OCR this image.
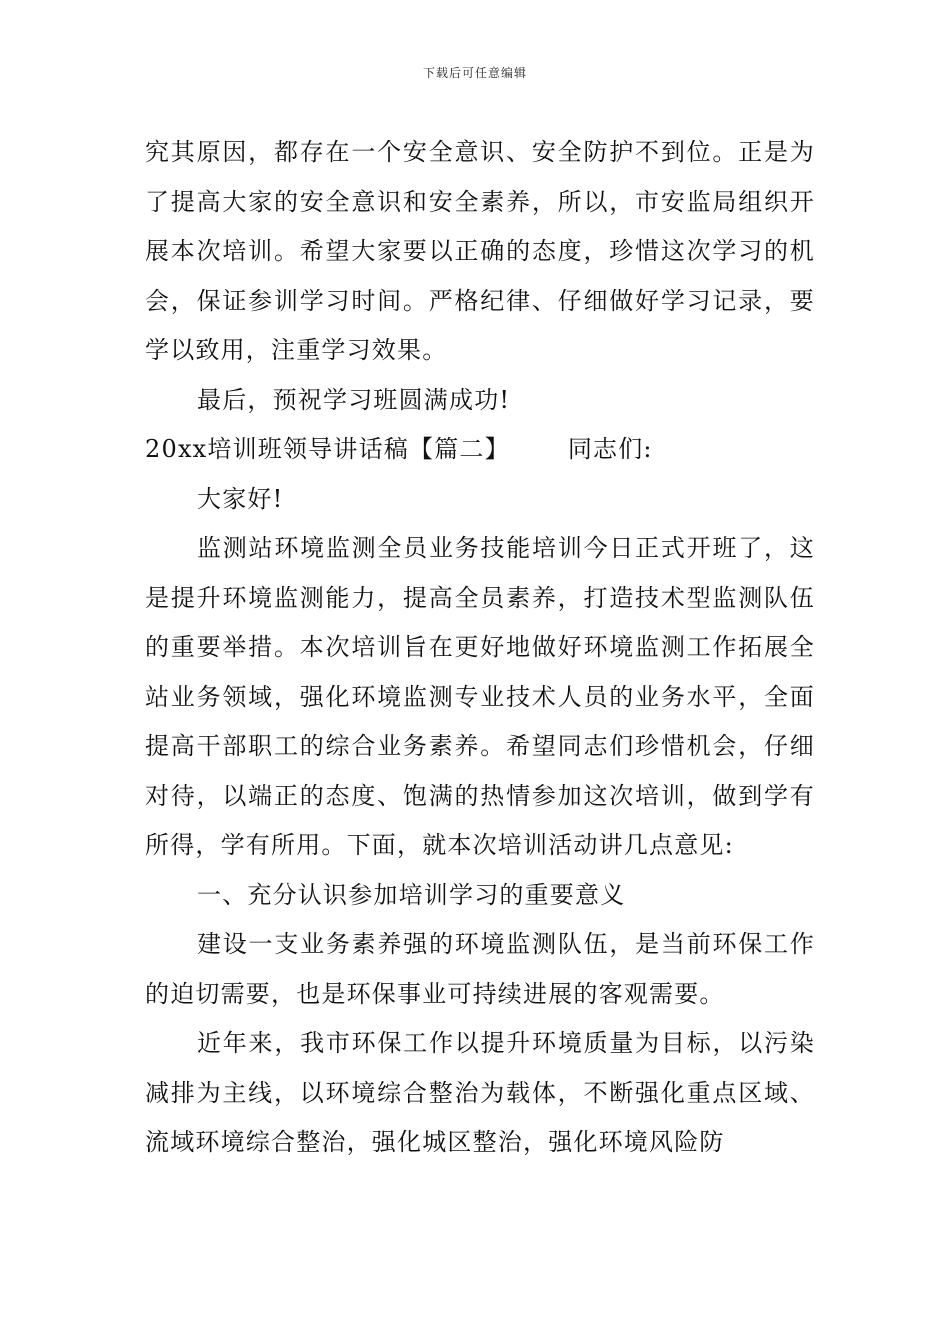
下载后可任意编辑

究其原因，都存在一个安全意识、安全防护不到位。正是为了提高大家的安全意识和安全素养，所以，市安监局组织开展本次培训。希望大家要以正确的态度，珍惜这次学习的机会，保证参训学习时间。严格纪律、仔细做好学习记录，要学以致用，注重学习效果。

最后，预祝学习班圆满成功!

20xx培训班领导讲话稿【篇二】 同志们:

大家好!

监测站环境监测全员业务技能培训今日正式开班了，这是提升环境监测能力，提高全员素养，打造技术型监测队伍的重要举措。本次培训旨在更好地做好环境监测工作拓展全站业务领域，强化环境监测专业技术人员的业务水平，全面提高干部职工的综合业务素养。希望同志们珍惜机会，仔细对待，以端正的态度、饱满的热情参加这次培训，做到学有所得，学有所用。下面，就本次培训活动讲几点意见:

一、充分认识参加培训学习的重要意义

建设一支业务素养强的环境监测队伍，是当前环保工作的迫切需要，也是环保事业可持续进展的客观需要。

近年来，我市环保工作以提升环境质量为目标，以污染减排为主线，以环境综合整治为载体，不断强化重点区域、流域环境综合整治，强化城区整治，强化环境风险防
